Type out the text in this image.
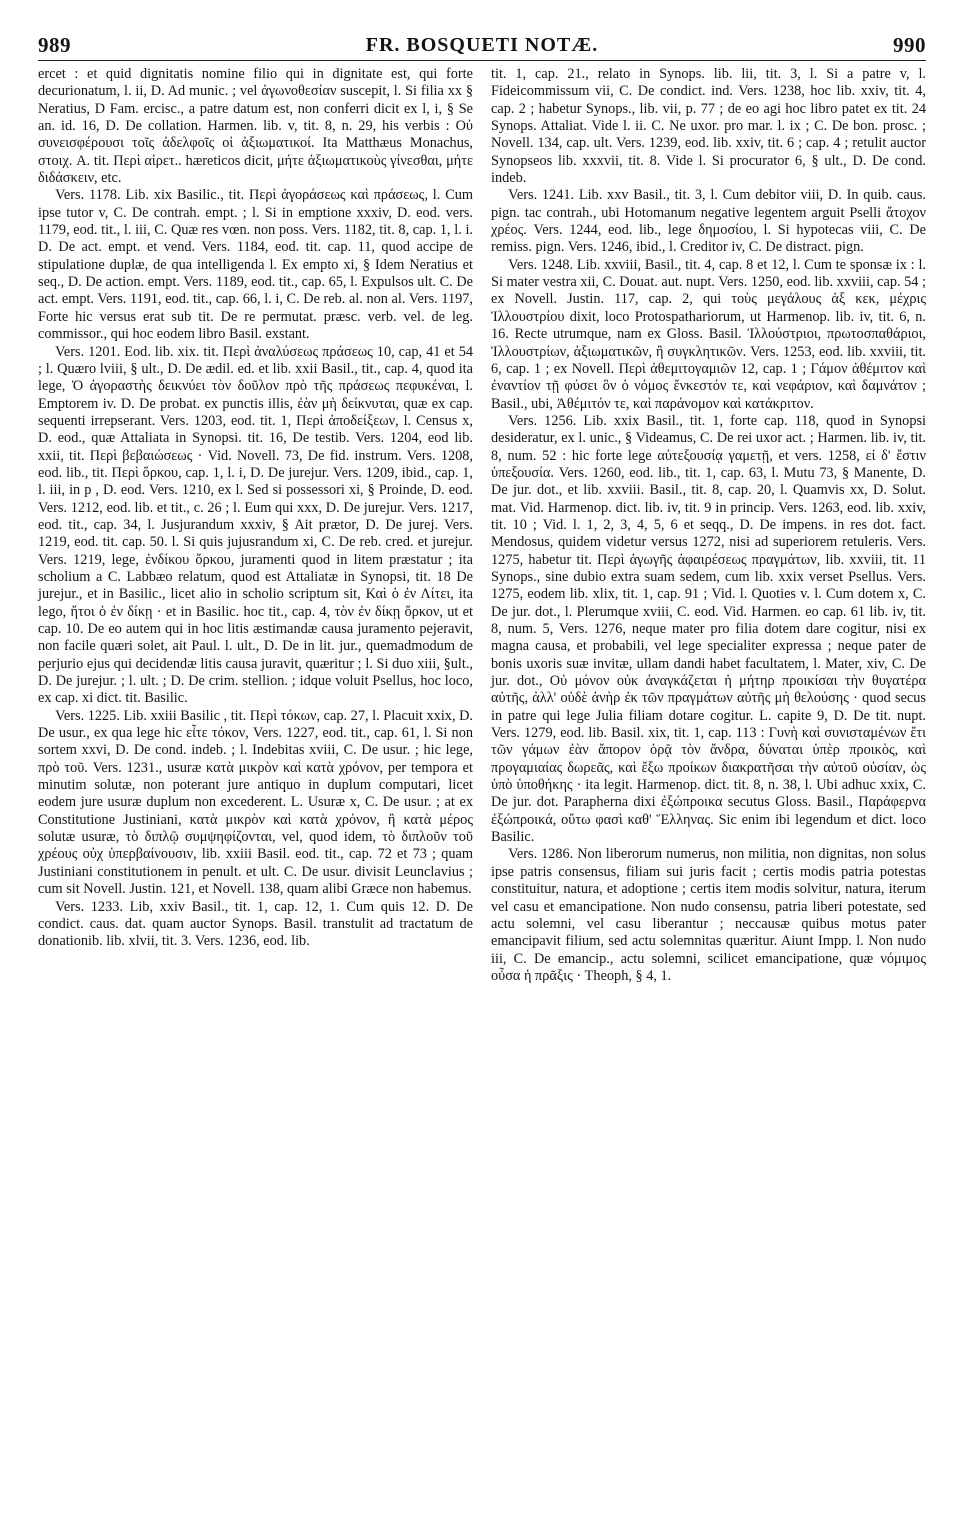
989	FR. BOSQUETI NOTÆ.	990

ercet : et quid dignitatis nomine filio qui in dignitate est, qui forte decurionatum, l. ii, D. Ad munic. ; vel ἀγωνοθεσίαν suscepit, l. Si filia xx § Neratius, D Fam. ercisc., a patre datum est, non conferri dicit ex l, i, § Se an. id. 16, D. De collation. Harmen. lib. v, tit. 8, n. 29, his verbis : Οὐ συνεισφέρουσι τοῖς ἀδελφοῖς οἱ ἀξιωματικοί. Ita Matthæus Monachus, στοιχ. A. tit. Περὶ αἱρετ.. hæreticos dicit, μήτε ἀξιωματικοὺς γίνεσθαι, μήτε διδάσκειν, etc.

Vers. 1178. Lib. xix Basilic., tit. Περὶ ἀγοράσεως καὶ πράσεως, l. Cum ipse tutor v, C. De contrah. empt. ; l. Si in emptione xxxiv, D. eod. vers. 1179, eod. tit., l. iii, C. Quæ res vœn. non poss. Vers. 1182, tit. 8, cap. 1, l. i. D. De act. empt. et vend. Vers. 1184, eod. tit. cap. 11, quod accipe de stipulatione duplæ, de qua intelligenda l. Ex empto xi, § Idem Neratius et seq., D. De action. empt. Vers. 1189, eod. tit., cap. 65, l. Expulsos ult. C. De act. empt. Vers. 1191, eod. tit., cap. 66, l. i, C. De reb. al. non al. Vers. 1197, Forte hic versus erat sub tit. De re permutat. præsc. verb. vel. de leg. commissor., qui hoc eodem libro Basil. exstant.

Vers. 1201. Eod. lib. xix. tit. Περὶ ἀναλύσεως πράσεως 10, cap, 41 et 54 ; l. Quæro lviii, § ult., D. De ædil. ed. et lib. xxii Basil., tit., cap. 4, quod ita lege, Ὁ ἀγοραστὴς δεικνύει τὸν δοῦλον πρὸ τῆς πράσεως πεφυκέναι, l. Emptorem iv. D. De probat. ex punctis illis, ἐὰν μὴ δείκνυται, quæ ex cap. sequenti irrepserant. Vers. 1203, eod. tit. 1, Περὶ ἀποδείξεων, l. Census x, D. eod., quæ Attaliata in Synopsi. tit. 16, De testib. Vers. 1204, eod lib. xxii, tit. Περὶ βεβαιώσεως · Vid. Novell. 73, De fid. instrum. Vers. 1208, eod. lib., tit. Περὶ ὅρκου, cap. 1, l. i, D. De jurejur. Vers. 1209, ibid., cap. 1, l. iii, in p , D. eod. Vers. 1210, ex l. Sed si possessori xi, § Proinde, D. eod. Vers. 1212, eod. lib. et tit., c. 26 ; l. Eum qui xxx, D. De jurejur. Vers. 1217, eod. tit., cap. 34, l. Jusjurandum xxxiv, § Ait prætor, D. De jurej. Vers. 1219, eod. tit. cap. 50. l. Si quis jujusrandum xi, C. De reb. cred. et jurejur. Vers. 1219, lege, ἐνδίκου ὅρκου, juramenti quod in litem præstatur ; ita scholium a C. Labbæo relatum, quod est Attaliatæ in Synopsi, tit. 18 De jurejur., et in Basilic., licet alio in scholio scriptum sit, Καὶ ὁ ἐν Λίτει, ita lego, ἤτοι ὁ ἐν δίκῃ · et in Basilic. hoc tit., cap. 4, τὸν ἐν δίκῃ ὅρκον, ut et cap. 10. De eo autem qui in hoc litis æstimandæ causa juramento pejeravit, non facile quæri solet, ait Paul. l. ult., D. De in lit. jur., quemadmodum de perjurio ejus qui decidendæ litis causa juravit, quæritur ; l. Si duo xiii, §ult., D. De jurejur. ; l. ult. ; D. De crim. stellion. ; idque voluit Psellus, hoc loco, ex cap. xi dict. tit. Basilic.

Vers. 1225. Lib. xxiii Basilic , tit. Περὶ τόκων, cap. 27, l. Placuit xxix, D. De usur., ex qua lege hic εἶτε τόκον, Vers. 1227, eod. tit., cap. 61, l. Si non sortem xxvi, D. De cond. indeb. ; l. Indebitas xviii, C. De usur. ; hic lege, πρὸ τοῦ. Vers. 1231., usuræ κατὰ μικρὸν καὶ κατὰ χρόνον, per tempora et minutim solutæ, non poterant jure antiquo in duplum computari, licet eodem jure usuræ duplum non excederent. L. Usuræ x, C. De usur. ; at ex Constitutione Justiniani, κατὰ μικρὸν καὶ κατὰ χρόνον, ἢ κατὰ μέρος solutæ usuræ, τὸ διπλῷ συμψηφίζονται, vel, quod idem, τὸ διπλοῦν τοῦ χρέους οὐχ ὑπερβαίνουσιν, lib. xxiii Basil. eod. tit., cap. 72 et 73 ; quam Justiniani constitutionem in penult. et ult. C. De usur. divisit Leunclavius ; cum sit Novell. Justin. 121, et Novell. 138, quam alibi Græce non habemus.

Vers. 1233. Lib, xxiv Basil., tit. 1, cap. 12, 1. Cum quis 12. D. De condict. caus. dat. quam auctor Synops. Basil. transtulit ad tractatum de donationib. lib. xlvii, tit. 3. Vers. 1236, eod. lib.

tit. 1, cap. 21., relato in Synops. lib. lii, tit. 3, l. Si a patre v, l. Fideicommissum vii, C. De condict. ind. Vers. 1238, hoc lib. xxiv, tit. 4, cap. 2 ; habetur Synops., lib. vii, p. 77 ; de eo agi hoc libro patet ex tit. 24 Synops. Attaliat. Vide l. ii. C. Ne uxor. pro mar. l. ix ; C. De bon. prosc. ; Novell. 134, cap. ult. Vers. 1239, eod. lib. xxiv, tit. 6 ; cap. 4 ; retulit auctor Synopseos lib. xxxvii, tit. 8. Vide l. Si procurator 6, § ult., D. De cond. indeb.

Vers. 1241. Lib. xxv Basil., tit. 3, l. Cum debitor viii, D. In quib. caus. pign. tac contrah., ubi Hotomanum negative legentem arguit Pselli ἄτοχον χρέος. Vers. 1244, eod. lib., lege δημοσίου, l. Si hypotecas viii, C. De remiss. pign. Vers. 1246, ibid., l. Creditor iv, C. De distract. pign.

Vers. 1248. Lib. xxviii, Basil., tit. 4, cap. 8 et 12, l. Cum te sponsæ ix : l. Si mater vestra xii, C. Douat. aut. nupt. Vers. 1250, eod. lib. xxviii, cap. 54 ; ex Novell. Justin. 117, cap. 2, qui τοὺς μεγάλους ἀξ κεκ, μέχρις Ἰλλουστρίου dixit, loco Protospathariorum, ut Harmenop. lib. iv, tit. 6, n. 16. Recte utrumque, nam ex Gloss. Basil. Ἰλλούστριοι, πρωτοσπαθάριοι, Ἰλλουστρίων, ἀξιωματικῶν, ἢ συγκλητικῶν. Vers. 1253, eod. lib. xxviii, tit. 6, cap. 1 ; ex Novell. Περὶ ἀθεμιτογαμιῶν 12, cap. 1 ; Γάμον ἀθέμιτον καὶ ἐναντίον τῇ φύσει ὃν ὁ νόμος ἔνκεστόν τε, καὶ νεφάριον, καὶ δαμνάτον ; Basil., ubi, Ἀθέμιτόν τε, καὶ παράνομον καὶ κατάκριτον.

Vers. 1256. Lib. xxix Basil., tit. 1, forte cap. 118, quod in Synopsi desideratur, ex l. unic., § Videamus, C. De rei uxor act. ; Harmen. lib. iv, tit. 8, num. 52 : hic forte lege αὐτεξουσίᾳ γαμετῇ, et vers. 1258, εἰ δ' ἔστιν ὑπεξουσία. Vers. 1260, eod. lib., tit. 1, cap. 63, l. Mutu 73, § Manente, D. De jur. dot., et lib. xxviii. Basil., tit. 8, cap. 20, l. Quamvis xx, D. Solut. mat. Vid. Harmenop. dict. lib. iv, tit. 9 in princip. Vers. 1263, eod. lib. xxiv, tit. 10 ; Vid. l. 1, 2, 3, 4, 5, 6 et seqq., D. De impens. in res dot. fact. Mendosus, quidem videtur versus 1272, nisi ad superiorem retuleris. Vers. 1275, habetur tit. Περὶ ἀγωγῆς ἀφαιρέσεως πραγμάτων, lib. xxviii, tit. 11 Synops., sine dubio extra suam sedem, cum lib. xxix verset Psellus. Vers. 1275, eodem lib. xlix, tit. 1, cap. 91 ; Vid. l. Quoties v. l. Cum dotem x, C. De jur. dot., l. Plerumque xviii, C. eod. Vid. Harmen. eo cap. 61 lib. iv, tit. 8, num. 5, Vers. 1276, neque mater pro filia dotem dare cogitur, nisi ex magna causa, et probabili, vel lege specialiter expressa ; neque pater de bonis uxoris suæ invitæ, ullam dandi habet facultatem, l. Mater, xiv, C. De jur. dot., Οὐ μόνον οὐκ ἀναγκάζεται ἡ μήτηρ προικίσαι τὴν θυγατέρα αὐτῆς, ἀλλ' οὐδὲ ἀνὴρ ἐκ τῶν πραγμάτων αὐτῆς μὴ θελούσης · quod secus in patre qui lege Julia filiam dotare cogitur. L. capite 9, D. De tit. nupt. Vers. 1279, eod. lib. Basil. xix, tit. 1, cap. 113 : Γυνὴ καὶ συνισταμένων ἔτι τῶν γάμων ἐὰν ἄπορον ὁρᾷ τὸν ἄνδρα, δύναται ὑπὲρ προικὸς, καὶ προγαμιαίας δωρεᾶς, καὶ ἔξω προίκων διακρατῆσαι τὴν αὐτοῦ οὐσίαν, ὡς ὑπὸ ὑποθήκης · ita legit. Harmenop. dict. tit. 8, n. 38, l. Ubi adhuc xxix, C. De jur. dot. Parapherna dixi ἐξώπροικα secutus Gloss. Basil., Παράφερνα ἐξώπροικά, οὕτω φασὶ καθ' Ἕλληνας. Sic enim ibi legendum et dict. loco Basilic.

Vers. 1286. Non liberorum numerus, non militia, non dignitas, non solus ipse patris consensus, filiam sui juris facit ; certis modis patria potestas constituitur, natura, et adoptione ; certis item modis solvitur, natura, iterum vel casu et emancipatione. Non nudo consensu, patria liberi potestate, sed actu solemni, vel casu liberantur ; neccausæ quibus motus pater emancipavit filium, sed actu solemnitas quæritur. Aiunt Impp. l. Non nudo iii, C. De emancip., actu solemni, scilicet emancipatione, quæ νόμιμος οὖσα ἡ πρᾶξις · Theoph, § 4, 1.
